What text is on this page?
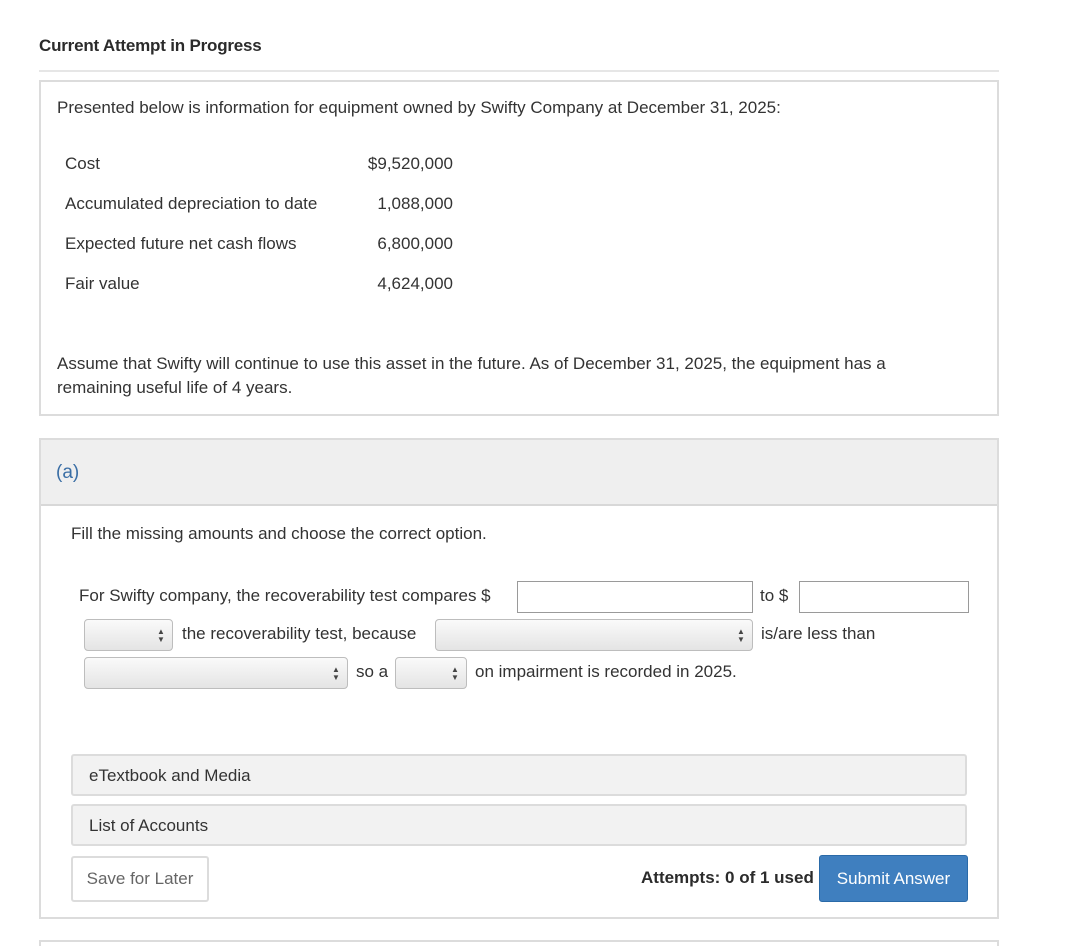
Current Attempt in Progress
Presented below is information for equipment owned by Swifty Company at December 31, 2025:
Cost	$9,520,000
Accumulated depreciation to date	1,088,000
Expected future net cash flows	6,800,000
Fair value	4,624,000
Assume that Swifty will continue to use this asset in the future. As of December 31, 2025, the equipment has a remaining useful life of 4 years.
(a)
Fill the missing amounts and choose the correct option.
For Swifty company, the recoverability test compares $	to $
▲
▼ the recoverability test, because	▲
▼ is/are less than
▲
▼ so a	▲
▼ on impairment is recorded in 2025.
eTextbook and Media
List of Accounts
Save for Later	Attempts: 0 of 1 used	Submit Answer
